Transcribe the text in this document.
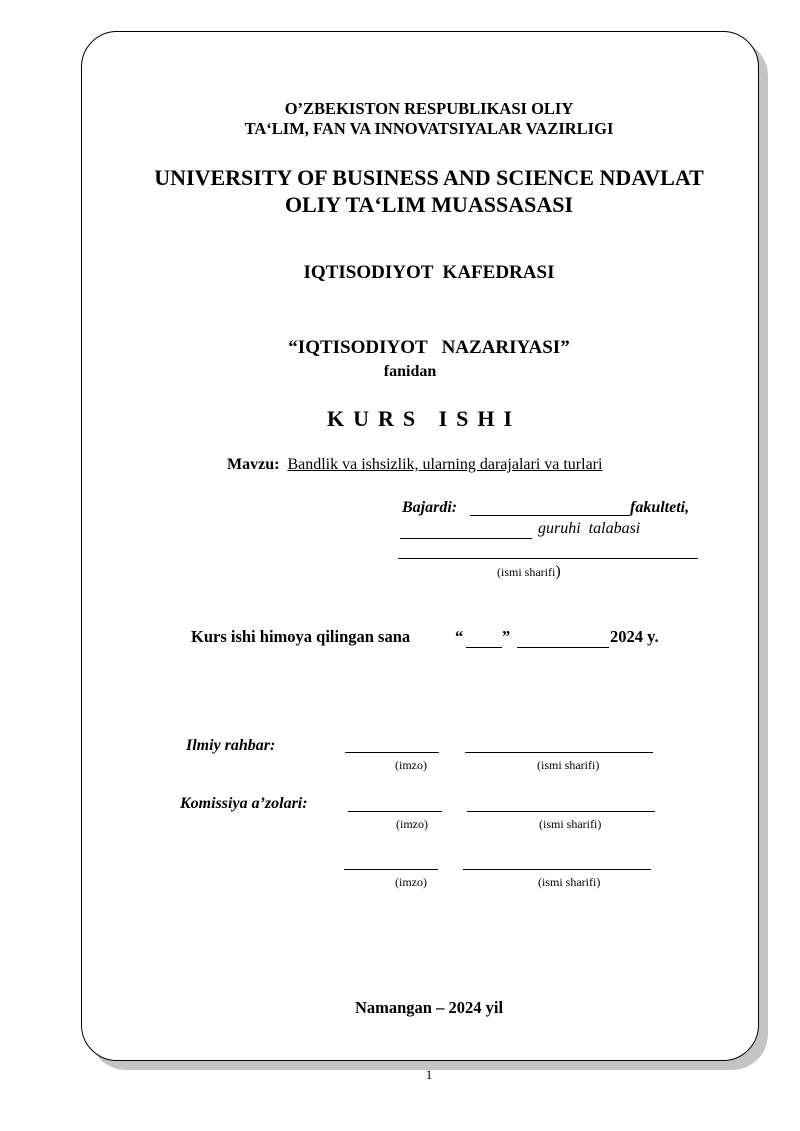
O’ZBEKISTON RESPUBLIKASI OLIY
TA‘LIM, FAN VA INNOVATSIYALAR VAZIRLIGI
UNIVERSITY OF BUSINESS AND SCIENCE NDAVLAT
OLIY TA‘LIM MUASSASASI
IQTISODIYOT  KAFEDRASI
“IQTISODIYOT   NAZARIYASI”
fanidan
KURS ISHI
Mavzu: Bandlik va ishsizlik, ularning darajalari va turlari
Bajardi:	fakulteti,
guruhi  talabasi
(ismi sharifi)
Kurs ishi himoya qilingan sana	“ ”	2024 y.
Ilmiy rahbar:
(imzo)	(ismi sharifi)
Komissiya a’zolari:
(imzo)	(ismi sharifi)
(imzo)	(ismi sharifi)
Namangan – 2024 yil
1
